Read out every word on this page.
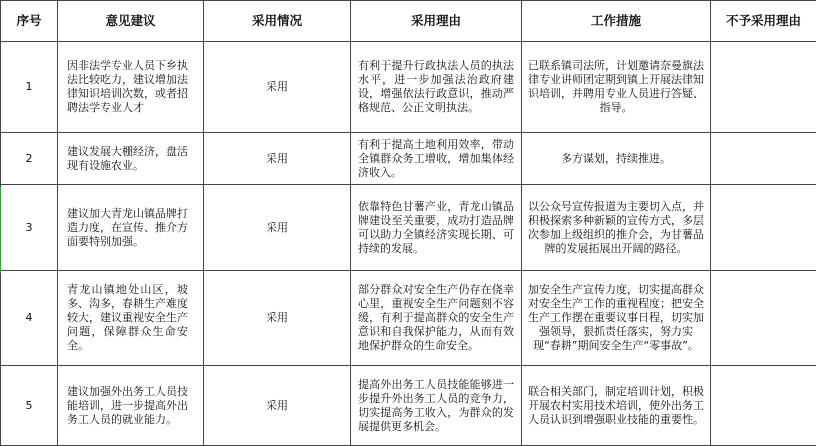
序号	意见建议	采用情况	采用理由	工作措施	不予采用理由
1	因非法学专业人员下乡执法比较吃力，建议增加法律知识培训次数，或者招聘法学专业人才	采用	有利于提升行政执法人员的执法水平，进一步加强法治政府建设，增强依法行政意识，推动严格规范、公正文明执法。	已联系镇司法所，计划邀请奈曼旗法律专业讲师团定期到镇上开展法律知识培训，并聘用专业人员进行答疑、指导。	

2	建议发展大棚经济，盘活现有设施农业。	采用	有利于提高土地利用效率，带动全镇群众务工增收，增加集体经济收入。	多方谋划，持续推进。	

3	建议加大青龙山镇品牌打造力度，在宣传、推介方面要特别加强。	采用	依靠特色甘薯产业，青龙山镇品牌建设至关重要，成功打造品牌可以助力全镇经济实现长期、可持续的发展。	以公众号宣传报道为主要切入点，并积极探索多种新颖的宣传方式，多层次参加上级组织的推介会，为甘薯品牌的发展拓展出开阔的路径。	

4	青龙山镇地处山区，坡多、沟多，春耕生产难度较大，建议重视安全生产问题，保障群众生命安全。	采用	部分群众对安全生产仍存在侥幸心里，重视安全生产问题刻不容缓，有利于提高群众的安全生产意识和自我保护能力，从而有效地保护群众的生命安全。	加安全生产宣传力度，切实提高群众对安全生产工作的重视程度；把安全生产工作摆在重要议事日程，切实加强领导，狠抓责任落实，努力实现“春耕”期间安全生产“零事故”。	

5	建议加强外出务工人员技能培训，进一步提高外出务工人员的就业能力。	采用	提高外出务工人员技能能够进一步提升外出务工人员的竞争力，切实提高务工收入，为群众的发展提供更多机会。	联合相关部门，制定培训计划，积极开展农村实用技术培训，使外出务工人员认识到增强职业技能的重要性。	
